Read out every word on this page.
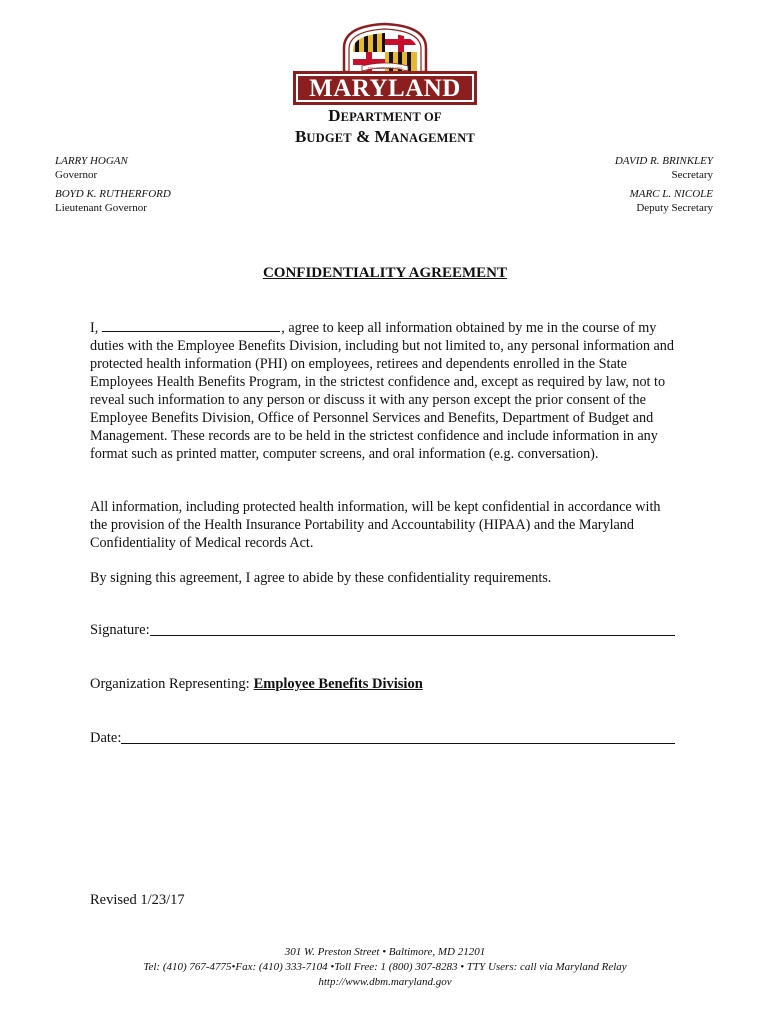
MARYLAND
INCORPORATED 1694
DEPARTMENT OF
BUDGET & MANAGEMENT
LARRY HOGAN
Governor
BOYD K. RUTHERFORD
Lieutenant Governor
DAVID R. BRINKLEY
Secretary
MARC L. NICOLE
Deputy Secretary
CONFIDENTIALITY AGREEMENT
I,	, agree to keep all information obtained by me in the course of my duties with the Employee Benefits Division, including but not limited to, any personal information and protected health information (PHI) on employees, retirees and dependents enrolled in the State Employees Health Benefits Program, in the strictest confidence and, except as required by law, not to reveal such information to any person or discuss it with any person except the prior consent of the Employee Benefits Division, Office of Personnel Services and Benefits, Department of Budget and Management. These records are to be held in the strictest confidence and include information in any format such as printed matter, computer screens, and oral information (e.g. conversation).
All information, including protected health information, will be kept confidential in accordance with the provision of the Health Insurance Portability and Accountability (HIPAA) and the Maryland Confidentiality of Medical records Act.
By signing this agreement, I agree to abide by these confidentiality requirements.
Signature:
Organization Representing: Employee Benefits Division
Date:
Revised 1/23/17
301 W. Preston Street • Baltimore, MD 21201
Tel: (410) 767-4775•Fax: (410) 333-7104 •Toll Free: 1 (800) 307-8283 • TTY Users: call via Maryland Relay
http://www.dbm.maryland.gov
